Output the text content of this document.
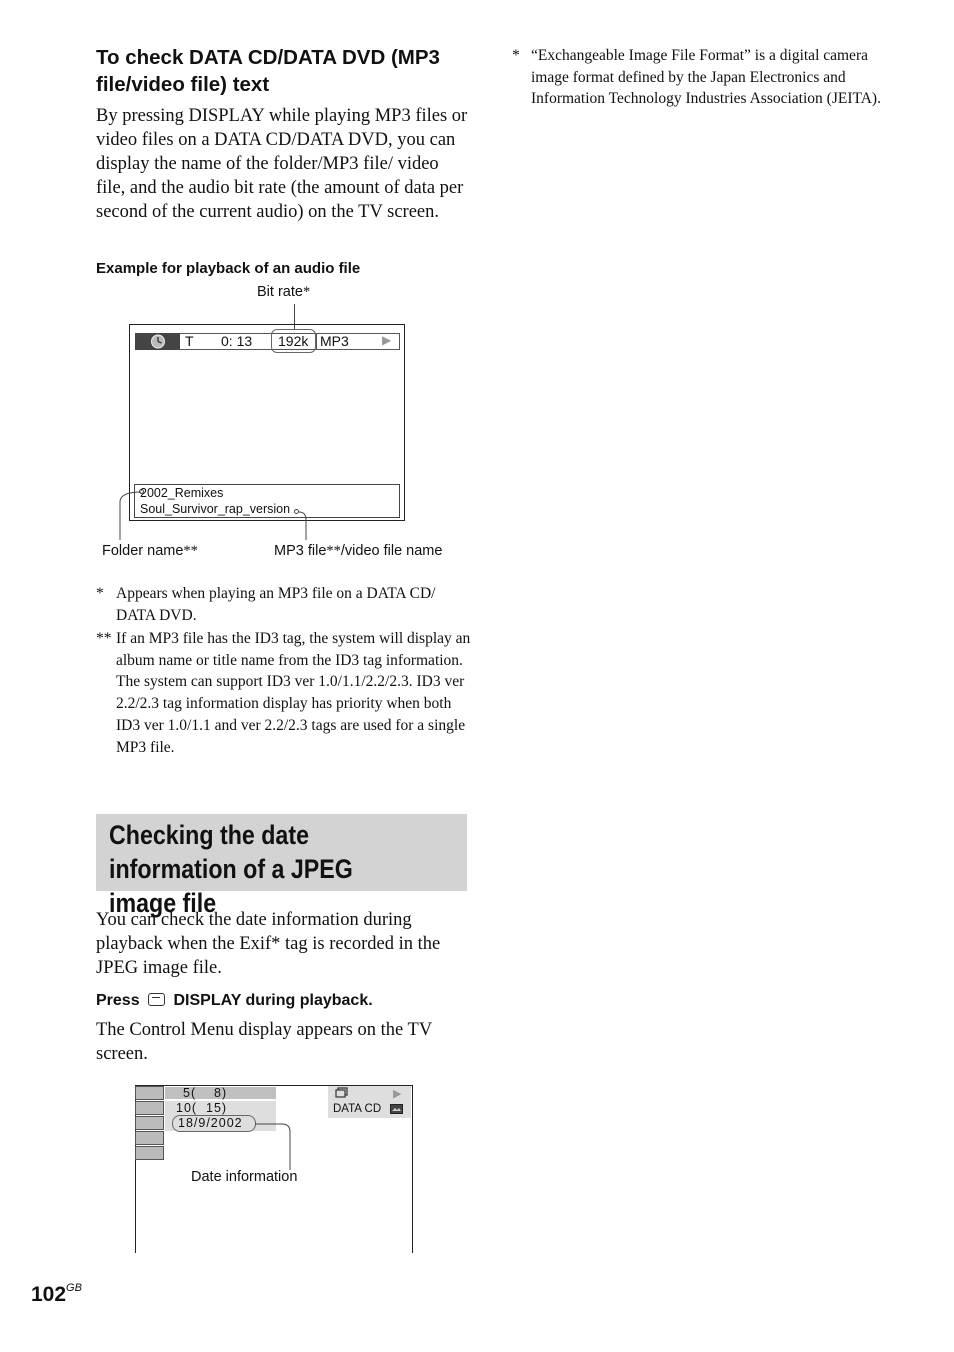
To check DATA CD/DATA DVD (MP3 file/video file) text
By pressing DISPLAY while playing MP3 files or video files on a DATA CD/DATA DVD, you can display the name of the folder/MP3 file/ video file, and the audio bit rate (the amount of data per second of the current audio) on the TV screen.
Example for playback of an audio file
Bit rate*
T 0: 13 192k MP3	▶
2002_Remixes
Soul_Survivor_rap_version
Folder name**	MP3 file**/video file name
* Appears when playing an MP3 file on a DATA CD/ DATA DVD.
** If an MP3 file has the ID3 tag, the system will display an album name or title name from the ID3 tag information.
The system can support ID3 ver 1.0/1.1/2.2/2.3. ID3 ver 2.2/2.3 tag information display has priority when both ID3 ver 1.0/1.1 and ver 2.2/2.3 tags are used for a single MP3 file.
Checking the date information of a JPEG image file
You can check the date information during playback when the Exif* tag is recorded in the JPEG image file.
Press DISPLAY during playback.
The Control Menu display appears on the TV screen.
5(    8)
10(  15)
18/9/2002
▶
DATA CD
Date information
$102^{GB}$
* “Exchangeable Image File Format” is a digital camera image format defined by the Japan Electronics and Information Technology Industries Association (JEITA).
